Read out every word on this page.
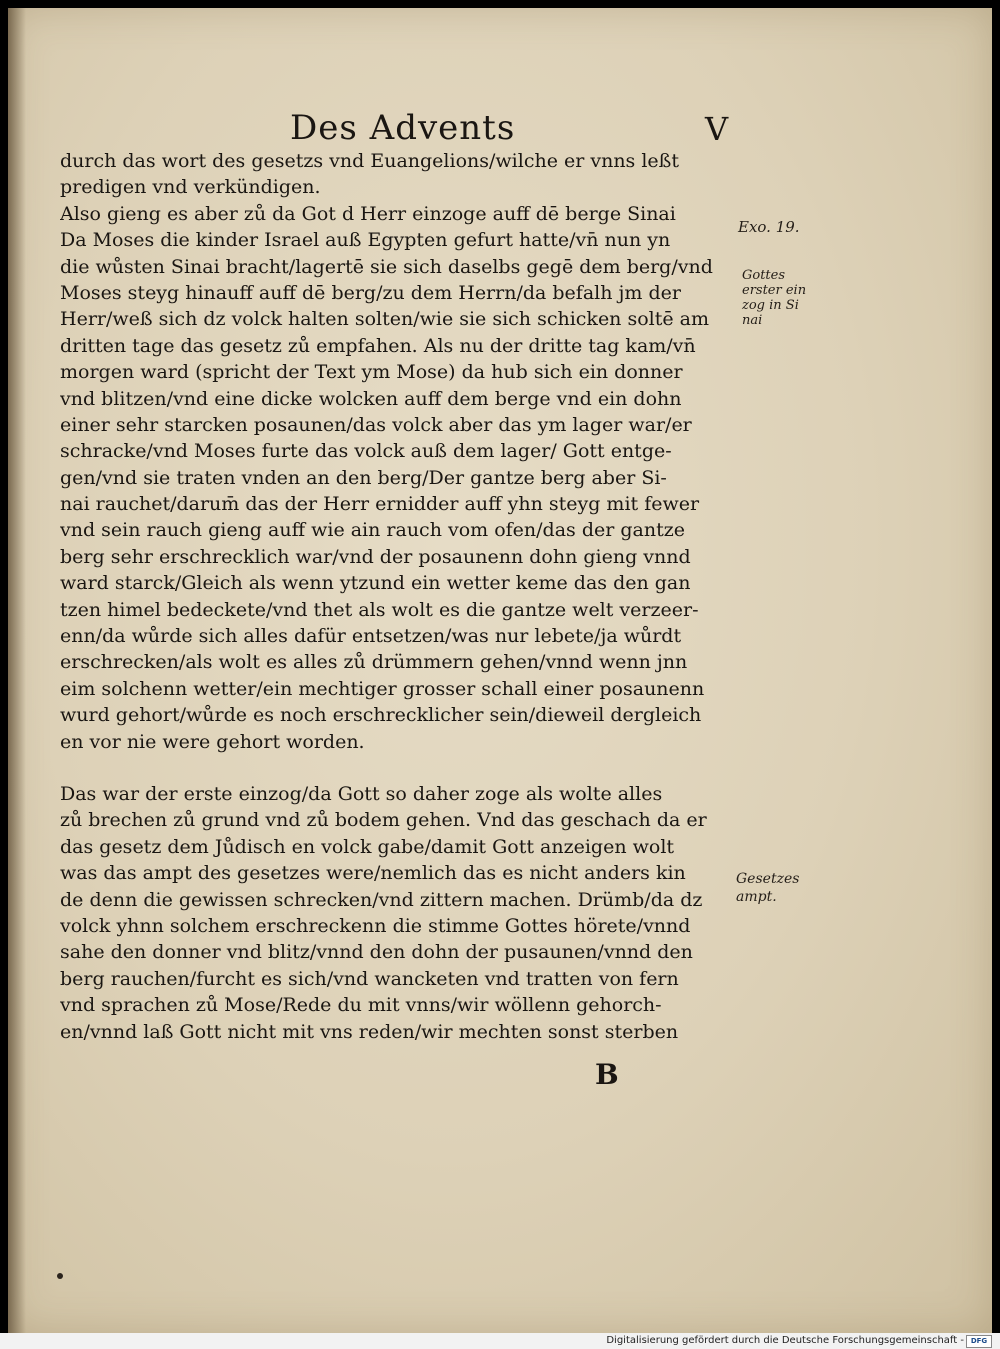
Des Advents	V
durch das wort des gesetzs vnd Euangelions/wilche er vnns leßt
predigen vnd verkündigen.
Also gieng es aber zů da Got d Herr einzoge auff dē berge Sinai
Da Moses die kinder Israel auß Egypten gefurt hatte/vn̄ nun yn
die wůsten Sinai bracht/lagertē sie sich daselbs gegē dem berg/vnd
Moses steyg hinauff auff dē berg/zu dem Herrn/da befalh jm der
Herr/weß sich dz volck halten solten/wie sie sich schicken soltē am
dritten tage das gesetz zů empfahen. Als nu der dritte tag kam/vn̄
morgen ward (spricht der Text ym Mose) da hub sich ein donner
vnd blitzen/vnd eine dicke wolcken auff dem berge vnd ein dohn
einer sehr starcken posaunen/das volck aber das ym lager war/er
schracke/vnd Moses furte das volck auß dem lager/ Gott entge-
gen/vnd sie traten vnden an den berg/Der gantze berg aber Si-
nai rauchet/darum̄ das der Herr ernidder auff yhn steyg mit fewer
vnd sein rauch gieng auff wie ain rauch vom ofen/das der gantze
berg sehr erschrecklich war/vnd der posaunenn dohn gieng vnnd
ward starck/Gleich als wenn ytzund ein wetter keme das den gan
tzen himel bedeckete/vnd thet als wolt es die gantze welt verzeer-
enn/da wůrde sich alles dafür entsetzen/was nur lebete/ja wůrdt
erschrecken/als wolt es alles zů drümmern gehen/vnnd wenn jnn
eim solchenn wetter/ein mechtiger grosser schall einer posaunenn
wurd gehort/wůrde es noch erschrecklicher sein/dieweil dergleich
en vor nie were gehort worden.
Das war der erste einzog/da Gott so daher zoge als wolte alles
zů brechen zů grund vnd zů bodem gehen. Vnd das geschach da er
das gesetz dem Jůdisch en volck gabe/damit Gott anzeigen wolt
was das ampt des gesetzes were/nemlich das es nicht anders kin
de denn die gewissen schrecken/vnd zittern machen. Drümb/da dz
volck yhnn solchem erschreckenn die stimme Gottes hörete/vnnd
sahe den donner vnd blitz/vnnd den dohn der pusaunen/vnnd den
berg rauchen/furcht es sich/vnd wancketen vnd tratten von fern
vnd sprachen zů Mose/Rede du mit vnns/wir wöllenn gehorch-
en/vnnd laß Gott nicht mit vns reden/wir mechten sonst sterben
Exo. 19.
Gottes
erster ein
zog in Si
nai
Gesetzes
ampt.
B
Digitalisierung gefördert durch die Deutsche Forschungsgemeinschaft - DFG
